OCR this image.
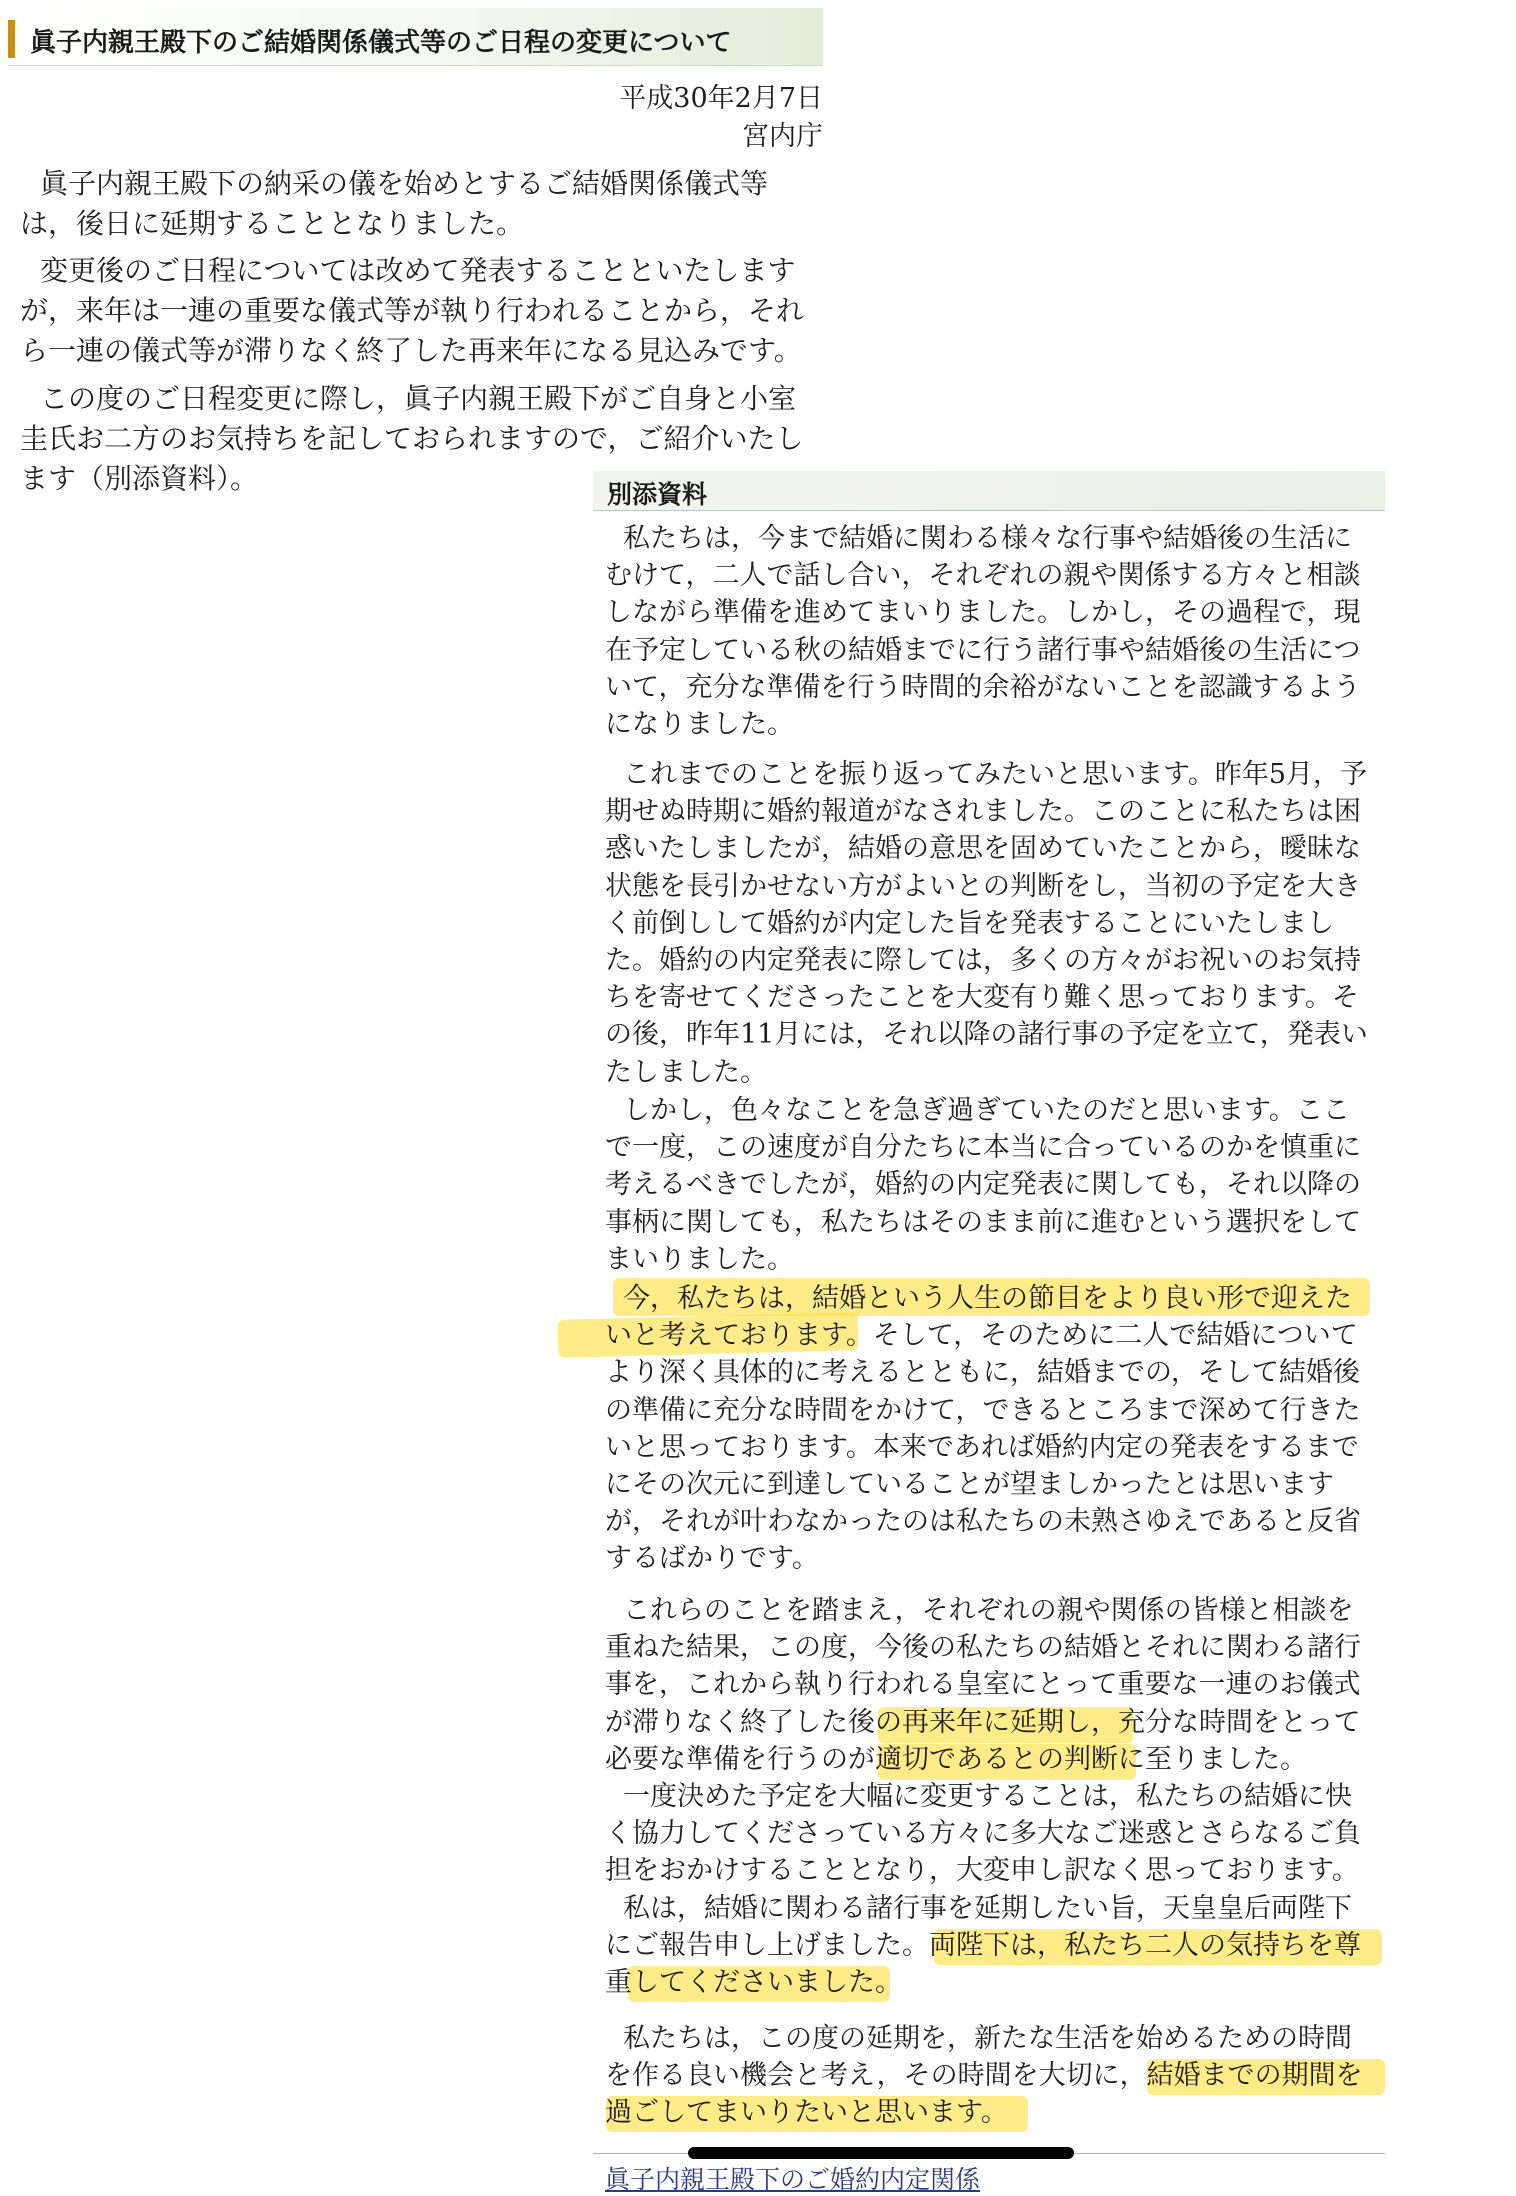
眞子内親王殿下のご結婚関係儀式等のご日程の変更について
平成30年2月7日
宮内庁

眞子内親王殿下の納采の儀を始めとするご結婚関係儀式等
は，後日に延期することとなりました。

変更後のご日程については改めて発表することといたします
が，来年は一連の重要な儀式等が執り行われることから，それ
ら一連の儀式等が滞りなく終了した再来年になる見込みです。

この度のご日程変更に際し，眞子内親王殿下がご自身と小室
圭氏お二方のお気持ちを記しておられますので，ご紹介いたし
ます（別添資料）。	別添資料

私たちは，今まで結婚に関わる様々な行事や結婚後の生活に
むけて，二人で話し合い，それぞれの親や関係する方々と相談
しながら準備を進めてまいりました。しかし，その過程で，現
在予定している秋の結婚までに行う諸行事や結婚後の生活につ
いて，充分な準備を行う時間的余裕がないことを認識するよう
になりました。

これまでのことを振り返ってみたいと思います。昨年5月，予
期せぬ時期に婚約報道がなされました。このことに私たちは困
惑いたしましたが，結婚の意思を固めていたことから，曖昧な
状態を長引かせない方がよいとの判断をし，当初の予定を大き
く前倒しして婚約が内定した旨を発表することにいたしまし
た。婚約の内定発表に際しては，多くの方々がお祝いのお気持
ちを寄せてくださったことを大変有り難く思っております。そ
の後，昨年11月には，それ以降の諸行事の予定を立て，発表い
たしました。

しかし，色々なことを急ぎ過ぎていたのだと思います。ここ
で一度，この速度が自分たちに本当に合っているのかを慎重に
考えるべきでしたが，婚約の内定発表に関しても，それ以降の
事柄に関しても，私たちはそのまま前に進むという選択をして
まいりました。

今，私たちは，結婚という人生の節目をより良い形で迎えた
いと考えております。そして，そのために二人で結婚について
より深く具体的に考えるとともに，結婚までの，そして結婚後
の準備に充分な時間をかけて，できるところまで深めて行きた
いと思っております。本来であれば婚約内定の発表をするまで
にその次元に到達していることが望ましかったとは思います
が，それが叶わなかったのは私たちの未熟さゆえであると反省
するばかりです。

これらのことを踏まえ，それぞれの親や関係の皆様と相談を
重ねた結果，この度，今後の私たちの結婚とそれに関わる諸行
事を，これから執り行われる皇室にとって重要な一連のお儀式
が滞りなく終了した後の再来年に延期し，充分な時間をとって
必要な準備を行うのが適切であるとの判断に至りました。

一度決めた予定を大幅に変更することは，私たちの結婚に快
く協力してくださっている方々に多大なご迷惑とさらなるご負
担をおかけすることとなり，大変申し訳なく思っております。

私は，結婚に関わる諸行事を延期したい旨，天皇皇后両陛下
にご報告申し上げました。両陛下は，私たち二人の気持ちを尊
重してくださいました。

私たちは，この度の延期を，新たな生活を始めるための時間
を作る良い機会と考え，その時間を大切に，結婚までの期間を
過ごしてまいりたいと思います。

眞子内親王殿下のご婚約内定関係
